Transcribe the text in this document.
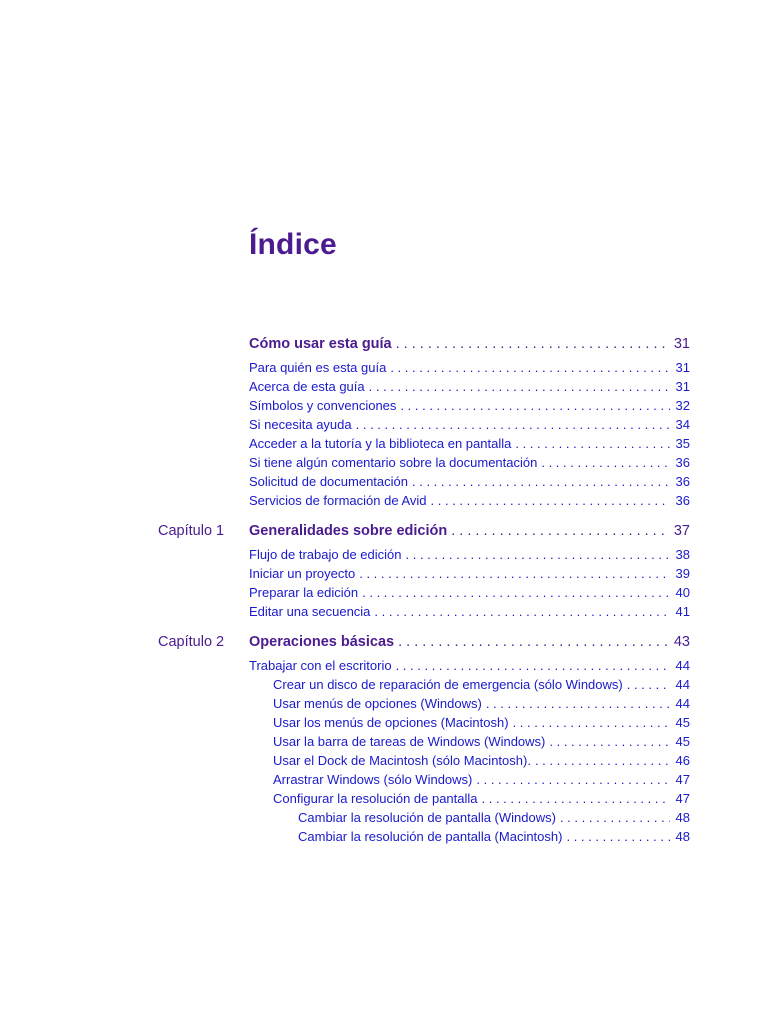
Índice
Cómo usar esta guía . . .	31
Para quién es esta guía . . .	31
Acerca de esta guía . . .	31
Símbolos y convenciones . . .	32
Si necesita ayuda . . .	34
Acceder a la tutoría y la biblioteca en pantalla . . .	35
Si tiene algún comentario sobre la documentación . . .	36
Solicitud de documentación . . .	36
Servicios de formación de Avid . . .	36
Capítulo 1 Generalidades sobre edición . . .	37
Flujo de trabajo de edición . . .	38
Iniciar un proyecto . . .	39
Preparar la edición . . .	40
Editar una secuencia . . .	41
Capítulo 2 Operaciones básicas . . .	43
Trabajar con el escritorio . . .	44
Crear un disco de reparación de emergencia (sólo Windows) . . .	44
Usar menús de opciones (Windows) . . .	44
Usar los menús de opciones (Macintosh) . . .	45
Usar la barra de tareas de Windows (Windows) . . .	45
Usar el Dock de Macintosh (sólo Macintosh). . . .	46
Arrastrar Windows (sólo Windows) . . .	47
Configurar la resolución de pantalla . . .	47
Cambiar la resolución de pantalla (Windows) . . .	48
Cambiar la resolución de pantalla (Macintosh) . . .	48
